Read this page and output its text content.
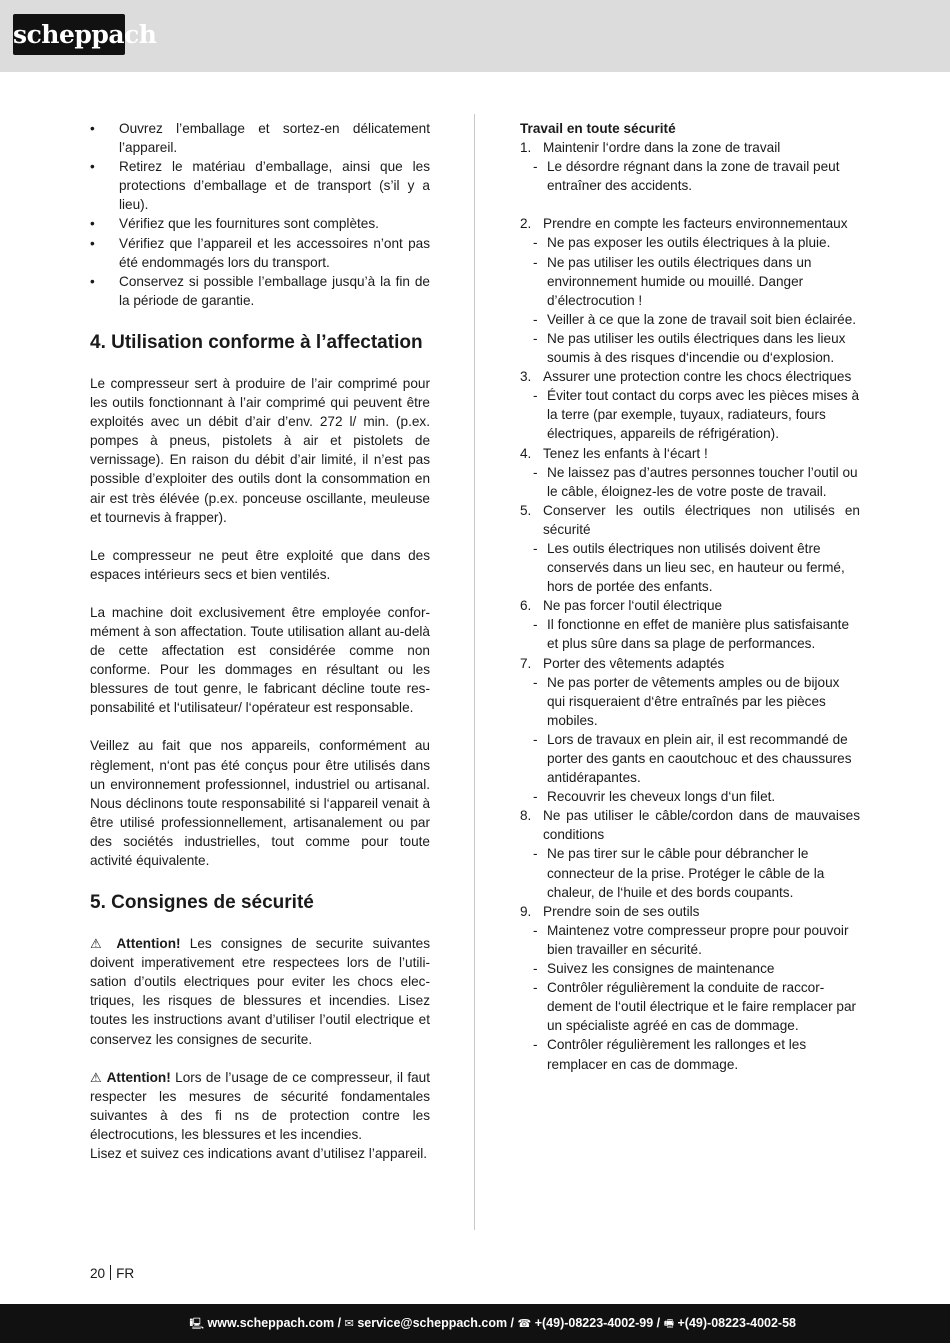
scheppach
• Ouvrez l’emballage et sortez-en délicatement l’appareil.
• Retirez le matériau d’emballage, ainsi que les protections d’emballage et de transport (s’il y a lieu).
• Vérifiez que les fournitures sont complètes.
• Vérifiez que l’appareil et les accessoires n’ont pas été endommagés lors du transport.
• Conservez si possible l’emballage jusqu’à la fin de la période de garantie.
4. Utilisation conforme à l’affectation

Le compresseur sert à produire de l’air comprimé pour les outils fonctionnant à l’air comprimé qui peuvent être exploités avec un débit d’air d’env. 272 l/ min. (p.ex. pompes à pneus, pistolets à air et pistolets de vernissage). En raison du débit d’air limité, il n’est pas possible d’exploiter des outils dont la consommation en air est très élévée (p.ex. ponceuse oscillante, meuleuse et tournevis à frapper).

Le compresseur ne peut être exploité que dans des espaces intérieurs secs et bien ventilés.

La machine doit exclusivement être employée conformément à son affectation. Toute utilisation allant au-delà de cette affectation est considérée comme non conforme. Pour les dommages en résultant ou les blessures de tout genre, le fabricant décline toute responsabilité et l‘utilisateur/ l‘opérateur est responsable.

Veillez au fait que nos appareils, conformément au règlement, n‘ont pas été conçus pour être utilisés dans un environnement professionnel, industriel ou artisanal. Nous déclinons toute responsabilité si l‘appareil venait à être utilisé professionnellement, artisanalement ou par des sociétés industrielles, tout comme pour toute activité équivalente.

5. Consignes de sécurité

⚠ Attention! Les consignes de securite suivantes doivent imperativement etre respectees lors de l’utilisation d’outils electriques pour eviter les chocs electriques, les risques de blessures et incendies. Lisez toutes les instructions avant d’utiliser l’outil electrique et conservez les consignes de securite.

⚠ Attention! Lors de l’usage de ce compresseur, il faut respecter les mesures de sécurité fondamentales suivantes à des fi ns de protection contre les électrocutions, les blessures et les incendies.

Lisez et suivez ces indications avant d’utilisez l’appareil.

Travail en toute sécurité
1. Maintenir l‘ordre dans la zone de travail
- Le désordre régnant dans la zone de travail peut entraîner des accidents.
2. Prendre en compte les facteurs environnementaux
- Ne pas exposer les outils électriques à la pluie.
- Ne pas utiliser les outils électriques dans un environnement humide ou mouillé. Danger d’électrocution !
- Veiller à ce que la zone de travail soit bien éclairée.
- Ne pas utiliser les outils électriques dans les lieux soumis à des risques d‘incendie ou d‘explosion.
3. Assurer une protection contre les chocs électriques
- Éviter tout contact du corps avec les pièces mises à la terre (par exemple, tuyaux, radiateurs, fours électriques, appareils de réfrigération).
4. Tenez les enfants à l‘écart !
- Ne laissez pas d’autres personnes toucher l’outil ou le câble, éloignez-les de votre poste de travail.
5. Conserver les outils électriques non utilisés en sécurité
- Les outils électriques non utilisés doivent être conservés dans un lieu sec, en hauteur ou fermé, hors de portée des enfants.
6. Ne pas forcer l‘outil électrique
- Il fonctionne en effet de manière plus satisfaisante et plus sûre dans sa plage de performances.
7. Porter des vêtements adaptés
- Ne pas porter de vêtements amples ou de bijoux qui risqueraient d‘être entraînés par les pièces mobiles.
- Lors de travaux en plein air, il est recommandé de porter des gants en caoutchouc et des chaussures antidérapantes.
- Recouvrir les cheveux longs d‘un filet.
8. Ne pas utiliser le câble/cordon dans de mauvaises conditions
- Ne pas tirer sur le câble pour débrancher le connecteur de la prise. Protéger le câble de la chaleur, de l‘huile et des bords coupants.
9. Prendre soin de ses outils
- Maintenez votre compresseur propre pour pouvoir bien travailler en sécurité.
- Suivez les consignes de maintenance
- Contrôler régulièrement la conduite de raccordement de l‘outil électrique et le faire remplacer par un spécialiste agréé en cas de dommage.
- Contrôler régulièrement les rallonges et les remplacer en cas de dommage.
20 FR
🖳 www.scheppach.com / ✉ service@scheppach.com / ☎ +(49)-08223-4002-99 / 🖷 +(49)-08223-4002-58
